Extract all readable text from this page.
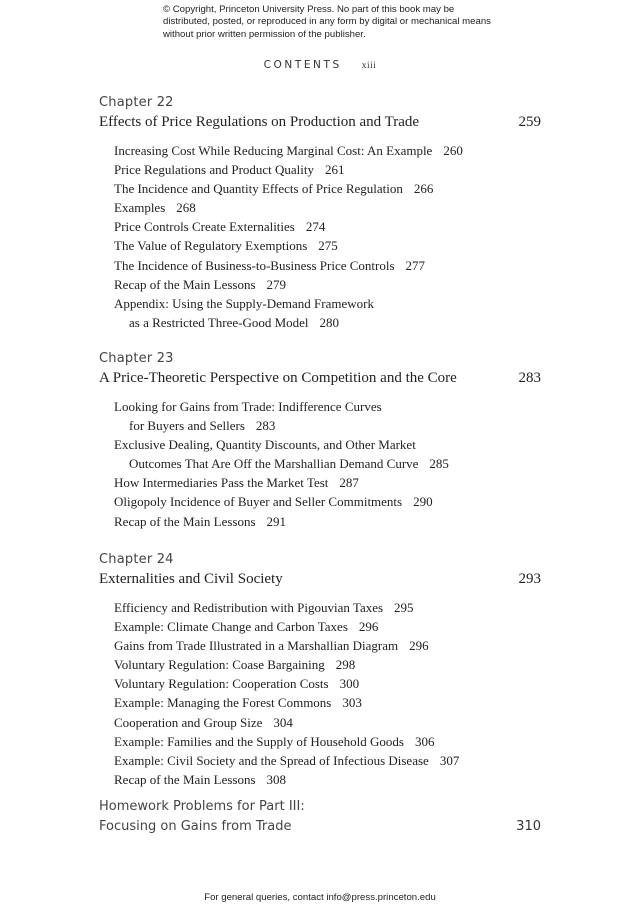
© Copyright, Princeton University Press. No part of this book may be distributed, posted, or reproduced in any form by digital or mechanical means without prior written permission of the publisher.
CONTENTS xiii
Chapter 22
Effects of Price Regulations on Production and Trade	259
Increasing Cost While Reducing Marginal Cost: An Example 260
Price Regulations and Product Quality 261
The Incidence and Quantity Effects of Price Regulation 266
Examples 268
Price Controls Create Externalities 274
The Value of Regulatory Exemptions 275
The Incidence of Business-to-Business Price Controls 277
Recap of the Main Lessons 279
Appendix: Using the Supply-Demand Framework
as a Restricted Three-Good Model 280
Chapter 23
A Price-Theoretic Perspective on Competition and the Core	283
Looking for Gains from Trade: Indifference Curves
for Buyers and Sellers 283
Exclusive Dealing, Quantity Discounts, and Other Market
Outcomes That Are Off the Marshallian Demand Curve 285
How Intermediaries Pass the Market Test 287
Oligopoly Incidence of Buyer and Seller Commitments 290
Recap of the Main Lessons 291
Chapter 24
Externalities and Civil Society	293
Efficiency and Redistribution with Pigouvian Taxes 295
Example: Climate Change and Carbon Taxes 296
Gains from Trade Illustrated in a Marshallian Diagram 296
Voluntary Regulation: Coase Bargaining 298
Voluntary Regulation: Cooperation Costs 300
Example: Managing the Forest Commons 303
Cooperation and Group Size 304
Example: Families and the Supply of Household Goods 306
Example: Civil Society and the Spread of Infectious Disease 307
Recap of the Main Lessons 308
Homework Problems for Part III:
Focusing on Gains from Trade	310
For general queries, contact info@press.princeton.edu
